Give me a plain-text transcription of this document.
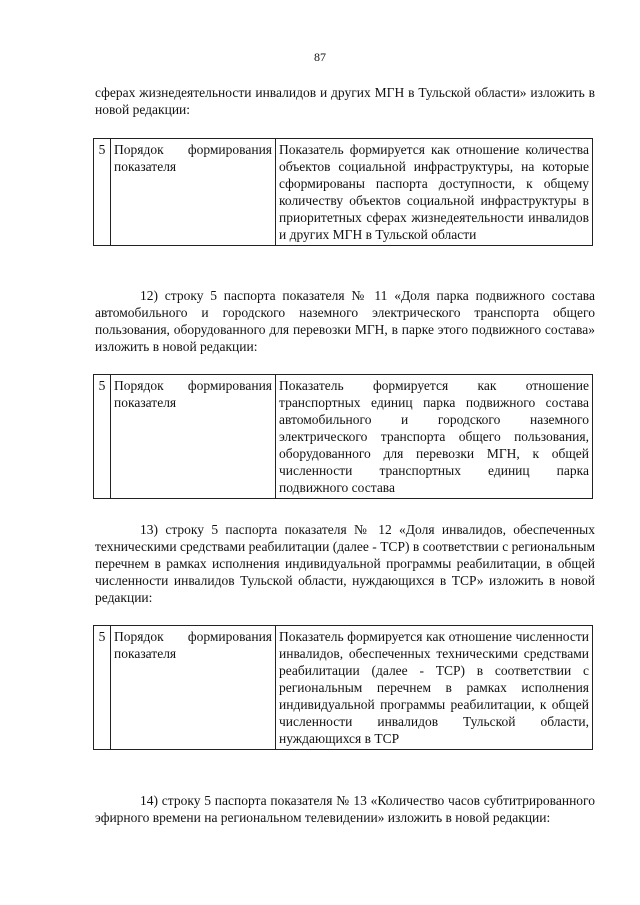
87
сферах жизнедеятельности инвалидов и других МГН в Тульской области» изложить в новой редакции:
5	Порядок формирования показателя	Показатель формируется как отношение количества объектов социальной инфраструктуры, на которые сформированы паспорта доступности, к общему количеству объектов социальной инфраструктуры в приоритетных сферах жизнедеятельности инвалидов и других МГН в Тульской области
12) строку 5 паспорта показателя № 11 «Доля парка подвижного состава автомобильного и городского наземного электрического транспорта общего пользования, оборудованного для перевозки МГН, в парке этого подвижного состава» изложить в новой редакции:
5	Порядок формирования показателя	Показатель формируется как отношение транспортных единиц парка подвижного состава автомобильного и городского наземного электрического транспорта общего пользования, оборудованного для перевозки МГН, к общей численности транспортных единиц парка подвижного состава
13) строку 5 паспорта показателя № 12 «Доля инвалидов, обеспеченных техническими средствами реабилитации (далее - ТСР) в соответствии с региональным перечнем в рамках исполнения индивидуальной программы реабилитации, в общей численности инвалидов Тульской области, нуждающихся в ТСР» изложить в новой редакции:
5	Порядок формирования показателя	Показатель формируется как отношение численности инвалидов, обеспеченных техническими средствами реабилитации (далее - ТСР) в соответствии с региональным перечнем в рамках исполнения индивидуальной программы реабилитации, к общей численности инвалидов Тульской области, нуждающихся в ТСР
14) строку 5 паспорта показателя № 13 «Количество часов субтитрированного эфирного времени на региональном телевидении» изложить в новой редакции:
